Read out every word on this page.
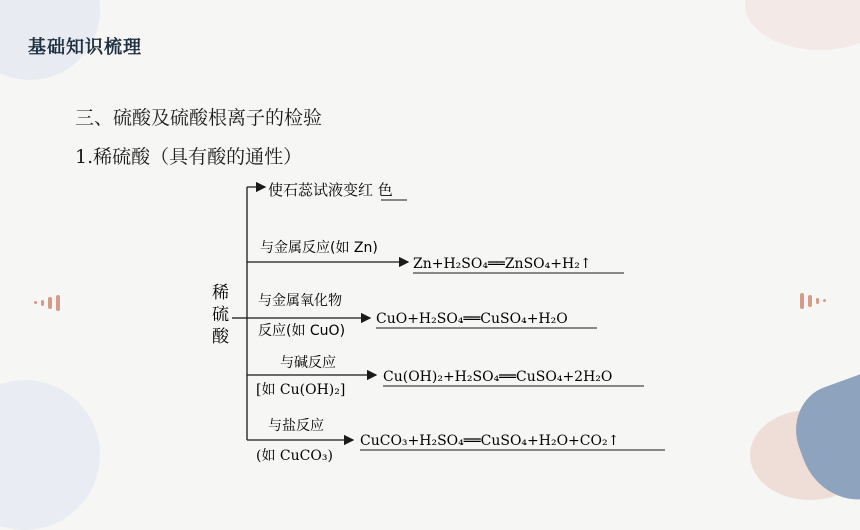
基础知识梳理
三、硫酸及硫酸根离子的检验
1.稀硫酸（具有酸的通性）
稀
硫
酸
使石蕊试液变红 色
与金属反应(如 Zn)
Zn+H₂SO₄══ZnSO₄+H₂↑
与金属氧化物
反应(如 CuO)
CuO+H₂SO₄══CuSO₄+H₂O
与碱反应
[如 Cu(OH)₂]
Cu(OH)₂+H₂SO₄══CuSO₄+2H₂O
与盐反应
(如 CuCO₃)
CuCO₃+H₂SO₄══CuSO₄+H₂O+CO₂↑
